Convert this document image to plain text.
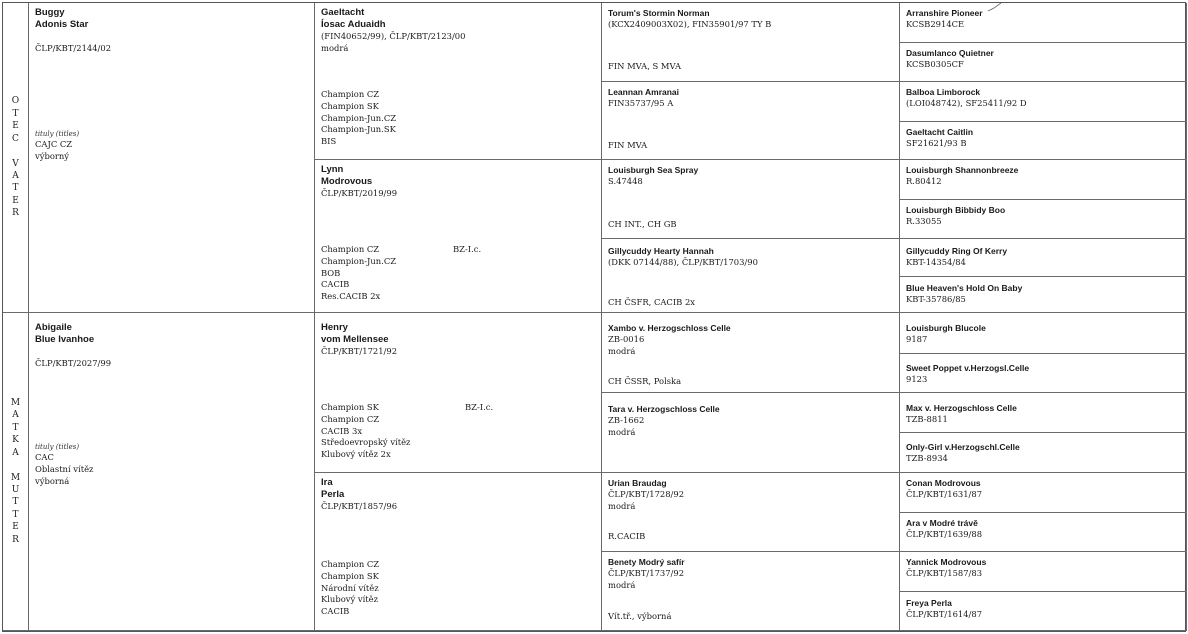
O
T
E
C

V
A
T
E
R
M
A
T
K
A

M
U
T
T
E
R
Buggy
Adonis Star
ČLP/KBT/2144/02
tituly (titles)
CAJC CZ
výborný
Abigaile
Blue Ivanhoe
ČLP/KBT/2027/99
tituly (titles)
CAC
Oblastní vítěz
výborná
Gaeltacht
Íosac Aduaidh
(FIN40652/99), ČLP/KBT/2123/00
modrá
Champion CZ
Champion SK
Champion-Jun.CZ
Champion-Jun.SK
BIS
Lynn
Modrovous
ČLP/KBT/2019/99
Champion CZ
Champion-Jun.CZ
BOB
CACIB
Res.CACIB 2x
BZ-I.c.
Henry
vom Mellensee
ČLP/KBT/1721/92
Champion SK
Champion CZ
CACIB 3x
Středoevropský vítěz
Klubový vítěz 2x
BZ-I.c.
Ira
Perla
ČLP/KBT/1857/96
Champion CZ
Champion SK
Národní vítěz
Klubový vítěz
CACIB
Torum's Stormin Norman
(KCX2409003X02), FIN35901/97 TY B
FIN MVA, S MVA
Leannan Amranai
FIN35737/95 A
FIN MVA
Louisburgh Sea Spray
S.47448
CH INT., CH GB
Gillycuddy Hearty Hannah
(DKK 07144/88), ČLP/KBT/1703/90
CH ČSFR, CACIB 2x
Xambo v. Herzogschloss Celle
ZB-0016
modrá
CH ČSSR, Polska
Tara v. Herzogschloss Celle
ZB-1662
modrá
Urian Braudag
ČLP/KBT/1728/92
modrá
R.CACIB
Benety Modrý safír
ČLP/KBT/1737/92
modrá
Vít.tř., výborná
Arranshire Pioneer
KCSB2914CE
Dasumlanco Quietner
KCSB0305CF
Balboa Limborock
(LOI048742), SF25411/92 D
Gaeltacht Caitlin
SF21621/93 B
Louisburgh Shannonbreeze
R.80412
Louisburgh Bibbidy Boo
R.33055
Gillycuddy Ring Of Kerry
KBT-14354/84
Blue Heaven's Hold On Baby
KBT-35786/85
Louisburgh Blucole
9187
Sweet Poppet v.Herzogsl.Celle
9123
Max v. Herzogschloss Celle
TZB-8811
Only-Girl v.Herzogschl.Celle
TZB-8934
Conan Modrovous
ČLP/KBT/1631/87
Ara v Modré trávě
ČLP/KBT/1639/88
Yannick Modrovous
ČLP/KBT/1587/83
Freya Perla
ČLP/KBT/1614/87
